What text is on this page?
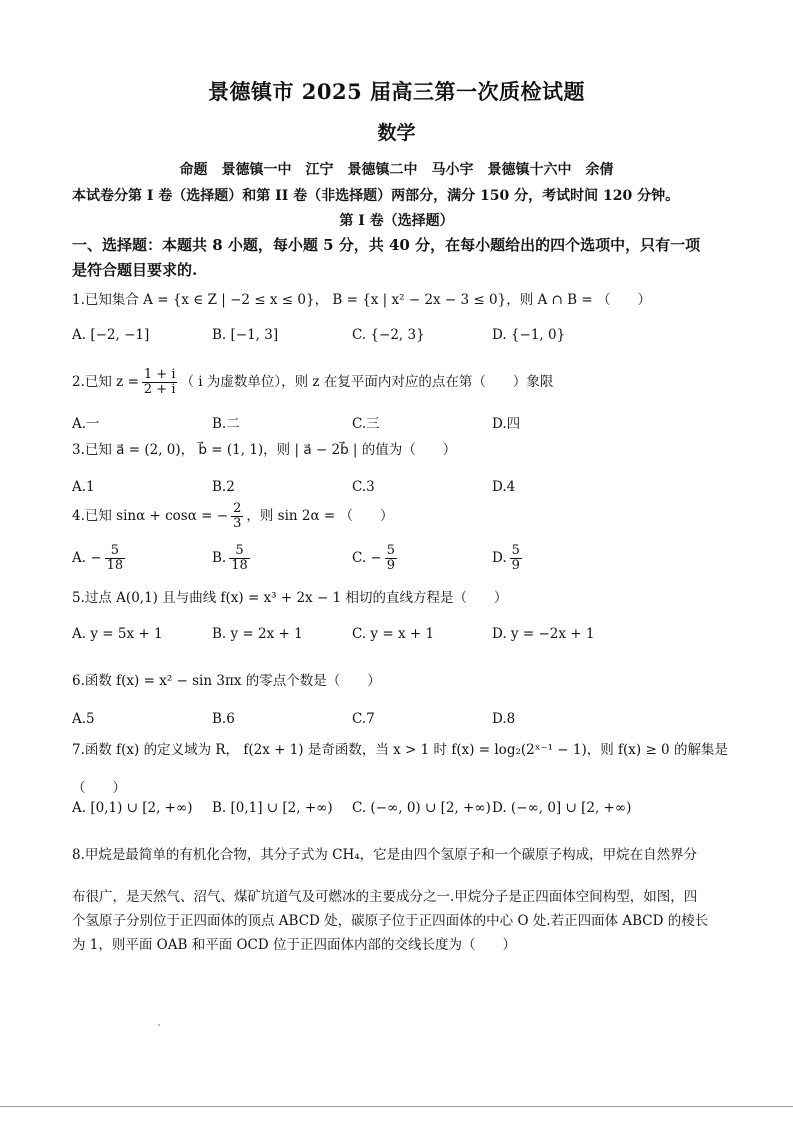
景德镇市 2025 届高三第一次质检试题
数学
命题　景德镇一中　江宁　景德镇二中　马小宇　景德镇十六中　余倩
本试卷分第 I 卷（选择题）和第 II 卷（非选择题）两部分，满分 150 分，考试时间 120 分钟。
第 I 卷（选择题）
一、选择题：本题共 8 小题，每小题 5 分，共 40 分，在每小题给出的四个选项中，只有一项
是符合题目要求的.
1.已知集合 A = {x ∈ Z | −2 ≤ x ≤ 0}， B = {x | x² − 2x − 3 ≤ 0}，则 A ∩ B = （　　）
A. [−2, −1]	B. [−1, 3]	C. {−2, 3}	D. {−1, 0}
2.已知 $z = \frac{1 + i}{2 + i}$ （ i 为虚数单位），则 z 在复平面内对应的点在第（　　）象限
A.一	B.二	C.三	D.四
3.已知 a⃗ = (2, 0)， b⃗ = (1, 1)，则 | a⃗ − 2b⃗ | 的值为（　　）
A.1	B.2	C.3	D.4
4.已知 sinα + cosα = − $\frac{2}{3}$ ，则 sin 2α = （　　）
A. − $\frac{5}{18}$	B. $\frac{5}{18}$	C. − $\frac{5}{9}$	D. $\frac{5}{9}$
5.过点 A(0,1) 且与曲线 f(x) = x³ + 2x − 1 相切的直线方程是（　　）
A. y = 5x + 1	B. y = 2x + 1	C. y = x + 1	D. y = −2x + 1
6.函数 f(x) = x² − sin 3πx 的零点个数是（　　）
A.5	B.6	C.7	D.8
7.函数 f(x) 的定义域为 R， f(2x + 1) 是奇函数，当 x > 1 时 f(x) = log₂(2ˣ⁻¹ − 1)，则 f(x) ≥ 0 的解集是
（　　）
A. [0,1) ∪ [2, +∞) B. [0,1] ∪ [2, +∞) C. (−∞, 0) ∪ [2, +∞) D. (−∞, 0] ∪ [2, +∞)
8.甲烷是最简单的有机化合物，其分子式为 CH₄，它是由四个氢原子和一个碳原子构成，甲烷在自然界分
布很广，是天然气、沼气、煤矿坑道气及可燃冰的主要成分之一.甲烷分子是正四面体空间构型，如图，四
个氢原子分别位于正四面体的顶点 ABCD 处，碳原子位于正四面体的中心 O 处.若正四面体 ABCD 的棱长
为 1，则平面 OAB 和平面 OCD 位于正四面体内部的交线长度为（　　）
